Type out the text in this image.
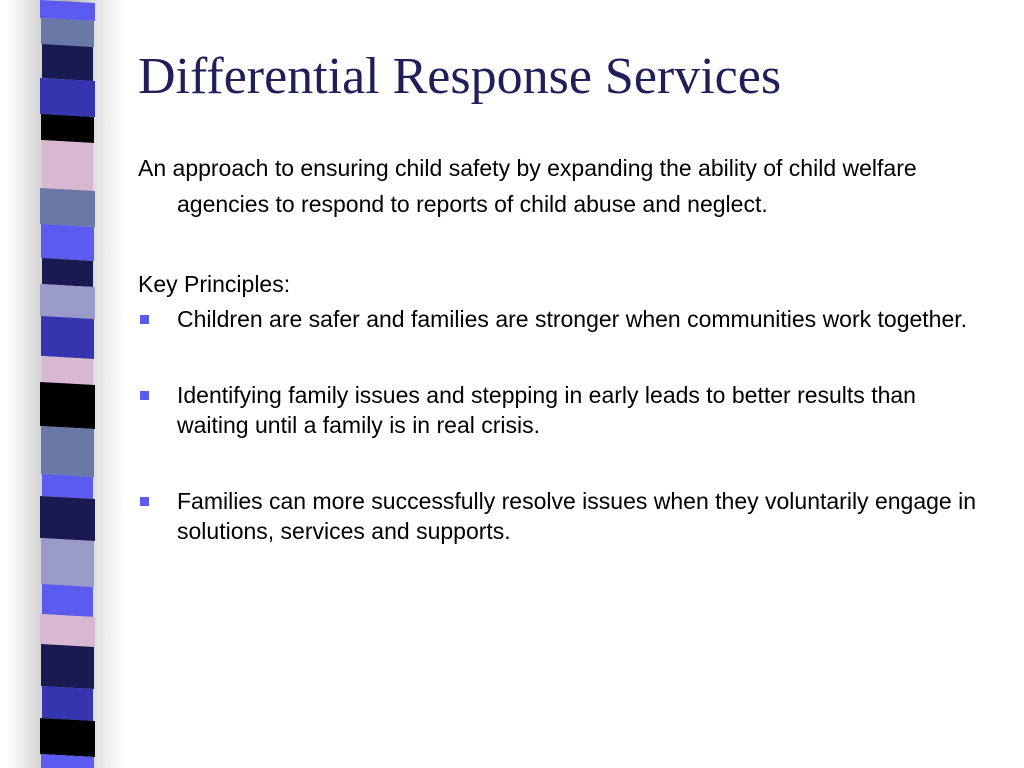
Differential Response Services

An approach to ensuring child safety by expanding the ability of child welfare agencies to respond to reports of child abuse and neglect.

Key Principles:

Children are safer and families are stronger when communities work together.
Identifying family issues and stepping in early leads to better results than waiting until a family is in real crisis.
Families can more successfully resolve issues when they voluntarily engage in solutions, services and supports.
